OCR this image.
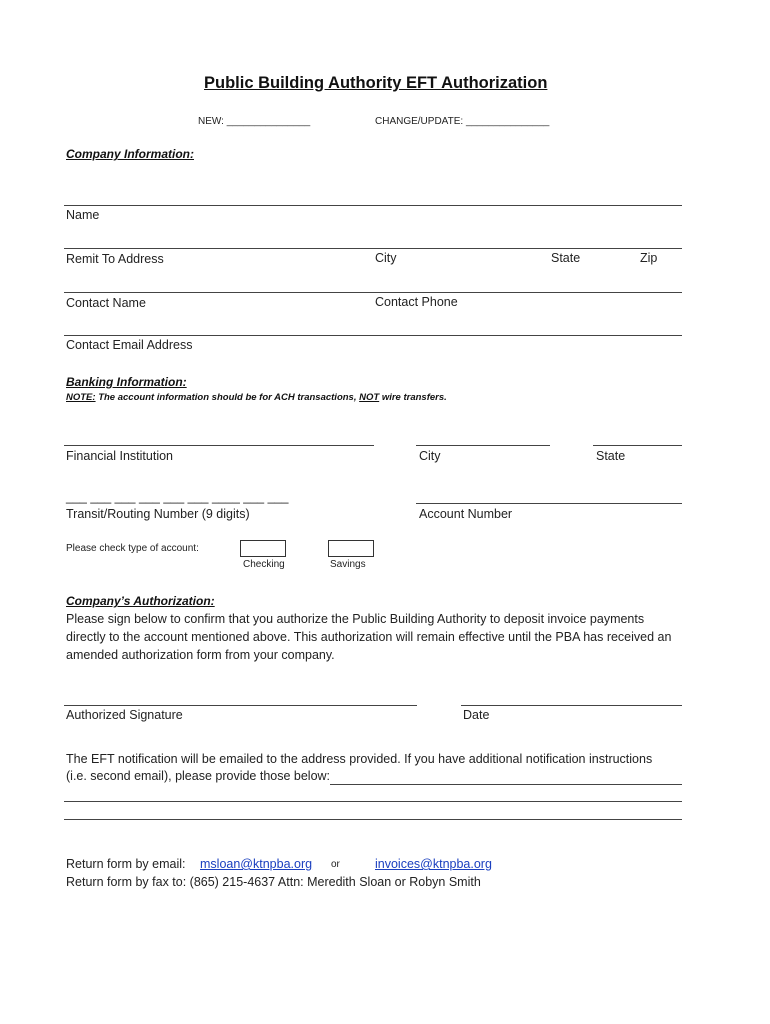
Public Building Authority EFT Authorization
NEW: _______________	CHANGE/UPDATE: _______________
Company Information:
Name
Remit To Address	City	State	Zip
Contact Name	Contact Phone
Contact Email Address
Banking Information:
NOTE: The account information should be for ACH transactions, NOT wire transfers.
Financial Institution	City	State
___ ___ ___ ___ ___ ___ ____ ___ ___
Transit/Routing Number (9 digits)	Account Number
Please check type of account:
Checking	Savings
Company’s Authorization:
Please sign below to confirm that you authorize the Public Building Authority to deposit invoice payments directly to the account mentioned above. This authorization will remain effective until the PBA has received an amended authorization form from your company.
Authorized Signature	Date
The EFT notification will be emailed to the address provided. If you have additional notification instructions
(i.e. second email), please provide those below:
Return form by email: msloan@ktnpba.org or	invoices@ktnpba.org
Return form by fax to: (865) 215-4637 Attn: Meredith Sloan or Robyn Smith
